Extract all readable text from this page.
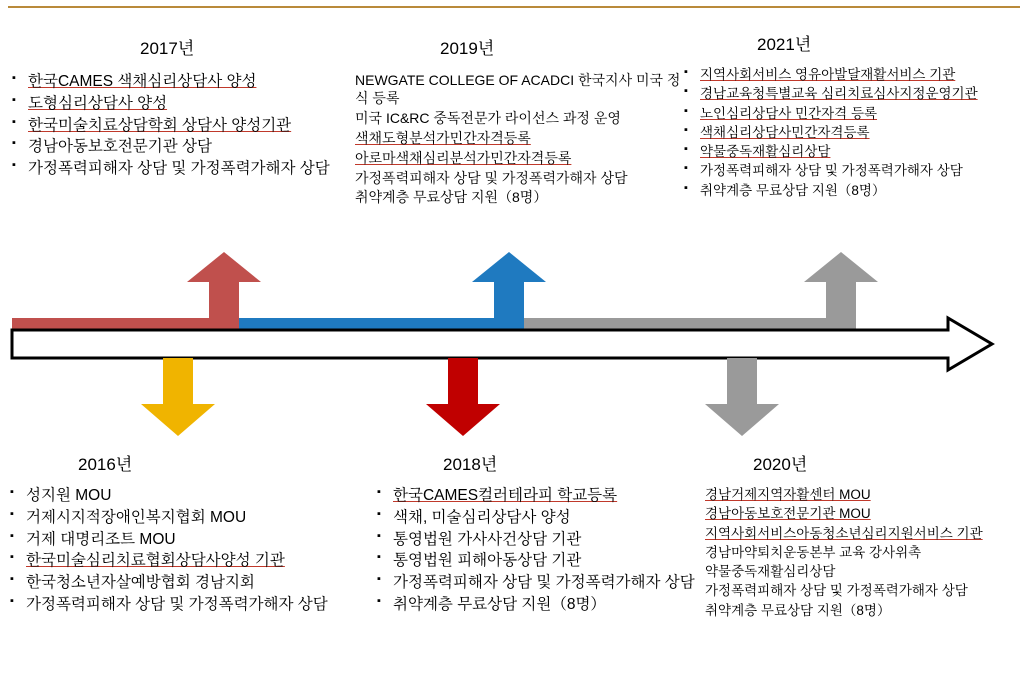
2017년	2019년	2021년
2016년	2018년	2020년
▪ 한국CAMES 색채심리상담사 양성
▪ 도형심리상담사 양성
▪ 한국미술치료상담학회 상담사 양성기관
▪ 경남아동보호전문기관 상담
▪ 가정폭력피해자 상담 및 가정폭력가해자 상담
NEWGATE COLLEGE OF ACADCI 한국지사 미국 정식 등록
미국 IC&RC 중독전문가 라이선스 과정 운영
색채도형분석가민간자격등록
아로마색채심리분석가민간자격등록
가정폭력피해자 상담 및 가정폭력가해자 상담
취약계층 무료상담 지원（8명）
▪ 지역사회서비스 영유아발달재활서비스 기관
▪ 경남교육청특별교육 심리치료심사지정운영기관
▪ 노인심리상담사 민간자격 등록
▪ 색채심리상담사민간자격등록
▪ 약물중독재활심리상담
▪ 가정폭력피해자 상담 및 가정폭력가해자 상담
▪ 취약계층 무료상담 지원（8명）
▪ 성지원 MOU
▪ 거제시지적장애인복지협회 MOU
▪ 거제 대명리조트 MOU
▪ 한국미술심리치료협회상담사양성 기관
▪ 한국청소년자살예방협회 경남지회
▪ 가정폭력피해자 상담 및 가정폭력가해자 상담
▪ 한국CAMES컬러테라피 학교등록
▪ 색채, 미술심리상담사 양성
▪ 통영법원 가사사건상담 기관
▪ 통영법원 피해아동상담 기관
▪ 가정폭력피해자 상담 및 가정폭력가해자 상담
▪ 취약계층 무료상담 지원（8명）
경남거제지역자활센터 MOU
경남아동보호전문기관 MOU
지역사회서비스아동청소년심리지원서비스 기관
경남마약퇴치운동본부 교육 강사위촉
약물중독재활심리상담
가정폭력피해자 상담 및 가정폭력가해자 상담
취약계층 무료상담 지원（8명）
